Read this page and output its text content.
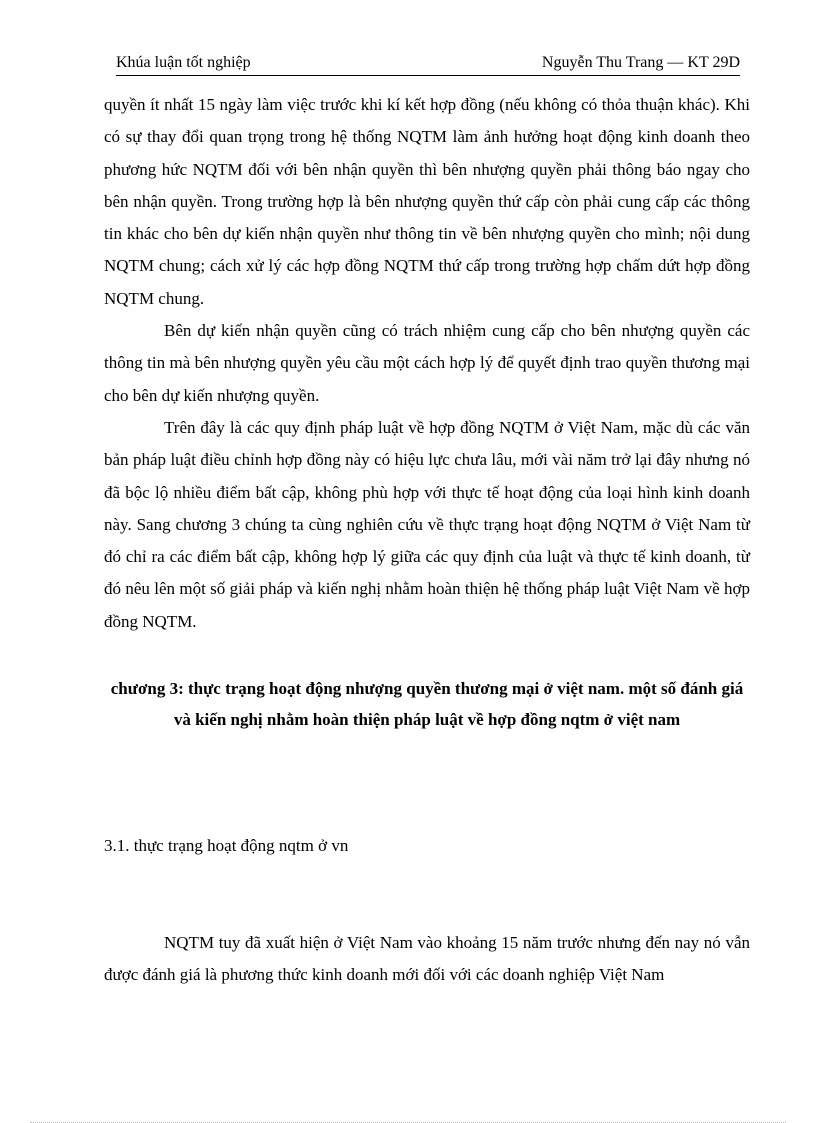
Khúa luận tốt nghiệp	Nguyễn Thu Trang — KT 29D

quyền ít nhất 15 ngày làm việc trước khi kí kết hợp đồng (nếu không có thỏa thuận khác). Khi có sự thay đổi quan trọng trong hệ thống NQTM làm ảnh hưởng hoạt động kinh doanh theo phương hức NQTM đối với bên nhận quyền thì bên nhượng quyền phải thông báo ngay cho bên nhận quyền. Trong trường hợp là bên nhượng quyền thứ cấp còn phải cung cấp các thông tin khác cho bên dự kiến nhận quyền như thông tin về bên nhượng quyền cho mình; nội dung NQTM chung; cách xử lý các hợp đồng NQTM thứ cấp trong trường hợp chấm dứt hợp đồng NQTM chung.

Bên dự kiến nhận quyền cũng có trách nhiệm cung cấp cho bên nhượng quyền các thông tin mà bên nhượng quyền yêu cầu một cách hợp lý để quyết định trao quyền thương mại cho bên dự kiến nhượng quyền.

Trên đây là các quy định pháp luật về hợp đồng NQTM ở Việt Nam, mặc dù các văn bản pháp luật điều chỉnh hợp đồng này có hiệu lực chưa lâu, mới vài năm trở lại đây nhưng nó đã bộc lộ nhiều điểm bất cập, không phù hợp với thực tế hoạt động của loại hình kinh doanh này. Sang chương 3 chúng ta cùng nghiên cứu về thực trạng hoạt động NQTM ở Việt Nam từ đó chỉ ra các điểm bất cập, không hợp lý giữa các quy định của luật và thực tế kinh doanh, từ đó nêu lên một số giải pháp và kiến nghị nhằm hoàn thiện hệ thống pháp luật Việt Nam về hợp đồng NQTM.

chương 3: thực trạng hoạt động nhượng quyền thương mại ở việt nam. một số đánh giá và kiến nghị nhằm hoàn thiện pháp luật về hợp đồng nqtm ở việt nam

3.1. thực trạng hoạt động nqtm ở vn

NQTM tuy đã xuất hiện ở Việt Nam vào khoảng 15 năm trước nhưng đến nay nó vẫn được đánh giá là phương thức kinh doanh mới đối với các doanh nghiệp Việt Nam
